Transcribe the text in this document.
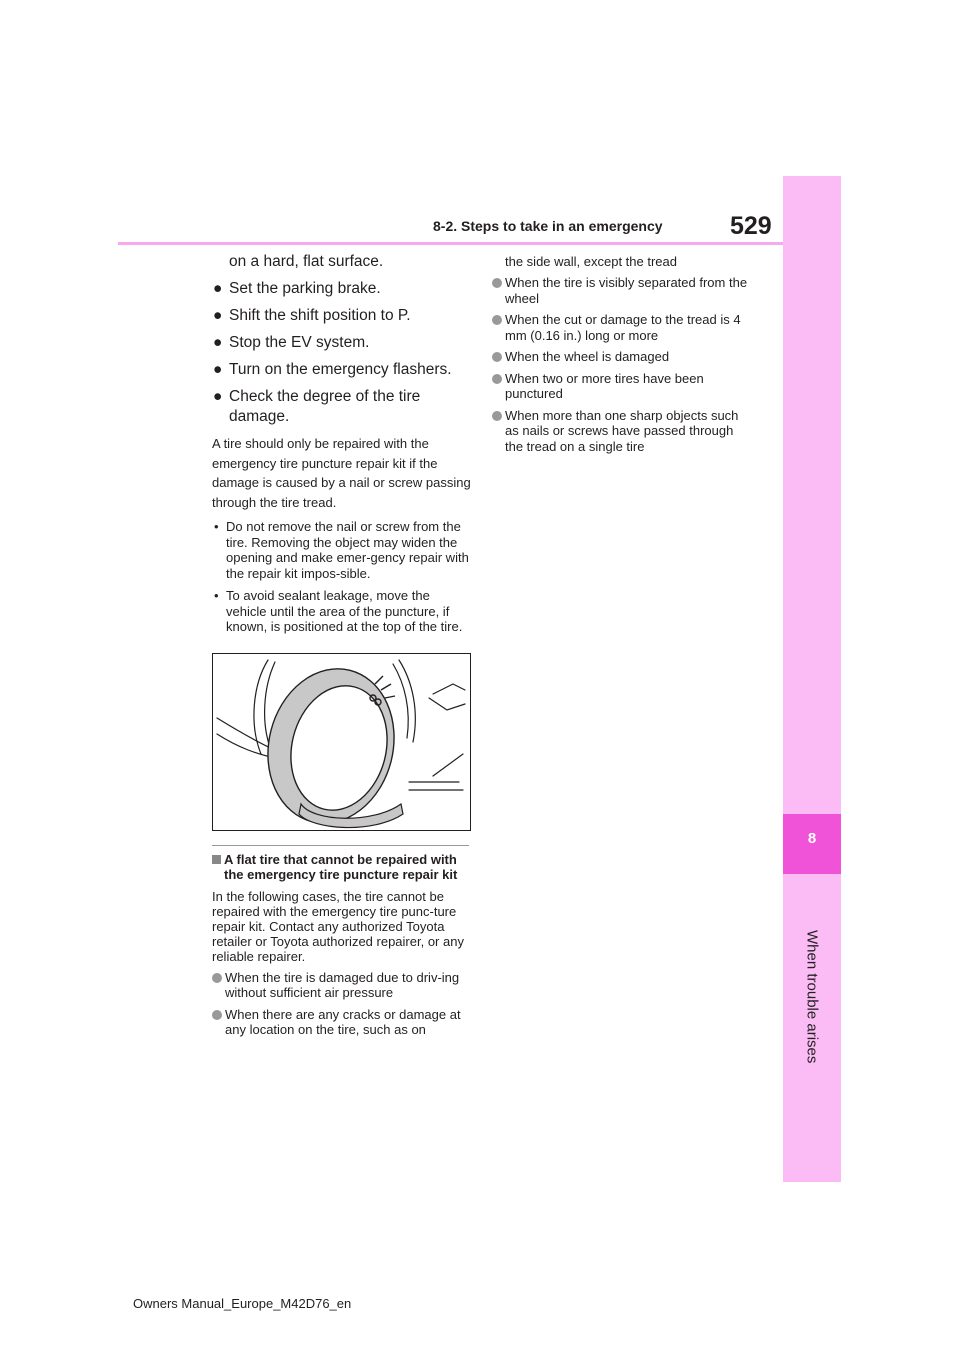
8
When trouble arises
8-2. Steps to take in an emergency	529

on a hard, flat surface.

● Set the parking brake.

● Shift the shift position to P.

● Stop the EV system.

● Turn on the emergency flashers.

● Check the degree of the tire damage.

A tire should only be repaired with the emergency tire puncture repair kit if the damage is caused by a nail or screw passing through the tire tread.

• Do not remove the nail or screw from the tire. Removing the object may widen the opening and make emer-gency repair with the repair kit impos-sible.

• To avoid sealant leakage, move the vehicle until the area of the puncture, if known, is positioned at the top of the tire.

A flat tire that cannot be repaired with the emergency tire puncture repair kit

In the following cases, the tire cannot be repaired with the emergency tire punc-ture repair kit. Contact any authorized Toyota retailer or Toyota authorized repairer, or any reliable repairer.

When the tire is damaged due to driv-ing without sufficient air pressure

When there are any cracks or damage at any location on the tire, such as on

the side wall, except the tread

When the tire is visibly separated from the wheel

When the cut or damage to the tread is 4 mm (0.16 in.) long or more

When the wheel is damaged

When two or more tires have been punctured

When more than one sharp objects such as nails or screws have passed through the tread on a single tire

Owners Manual_Europe_M42D76_en
